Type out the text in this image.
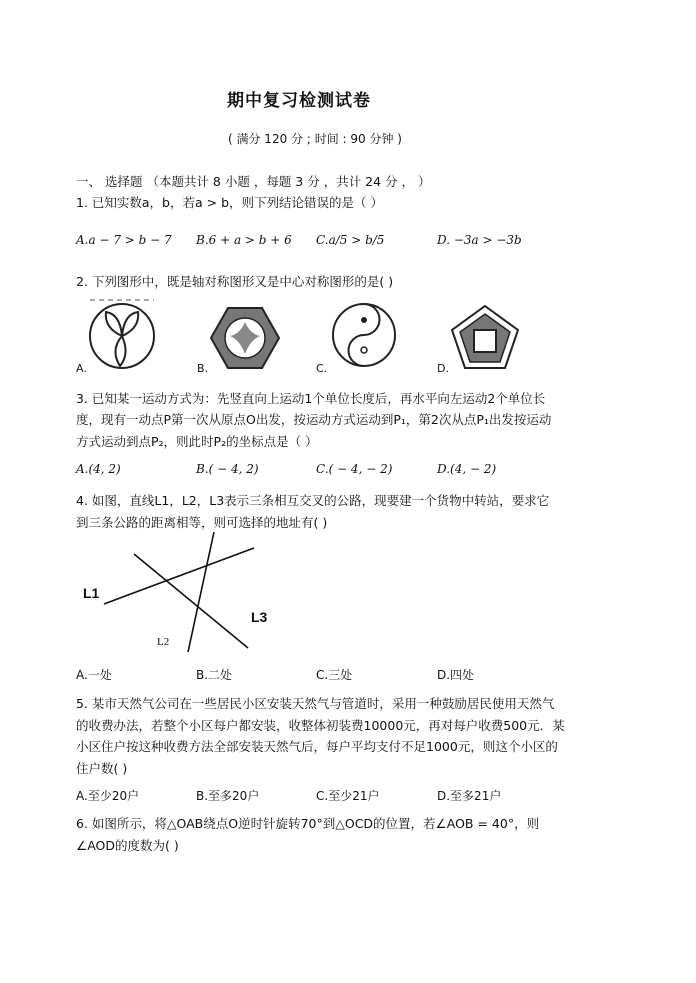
期中复习检测试卷
( 满分 120 分 ; 时间 : 90 分钟 )
一、 选择题 （本题共计 8 小题 ，每题 3 分 ，共计 24 分 ， ）
1. 已知实数a，b，若a > b，则下列结论错误的是（ ）
A.a − 7 > b − 7 B.6 + a > b + 6 C.a/5 > b/5	D. −3a > −3b
2. 下列图形中，既是轴对称图形又是中心对称图形的是( )
A.	B.	C.	D.
3. 已知某一运动方式为：先竖直向上运动1个单位长度后，再水平向左运动2个单位长
度，现有一动点P第一次从原点O出发，按运动方式运动到P₁，第2次从点P₁出发按运动
方式运动到点P₂，则此时P₂的坐标点是（ ）
A.(4, 2)	B.( − 4, 2)	C.( − 4, − 2)	D.(4, − 2)
4. 如图，直线L1，L2，L3表示三条相互交叉的公路，现要建一个货物中转站，要求它
到三条公路的距离相等，则可选择的地址有( )
L1
L2
L3
A.一处	B.二处	C.三处	D.四处
5. 某市天然气公司在一些居民小区安装天然气与管道时，采用一种鼓励居民使用天然气
的收费办法，若整个小区每户都安装，收整体初装费10000元，再对每户收费500元．某
小区住户按这种收费方法全部安装天然气后，每户平均支付不足1000元，则这个小区的
住户数( )
A.至少20户	B.至多20户	C.至少21户	D.至多21户
6. 如图所示，将△OAB绕点O逆时针旋转70°到△OCD的位置，若∠AOB = 40°，则
∠AOD的度数为( )
